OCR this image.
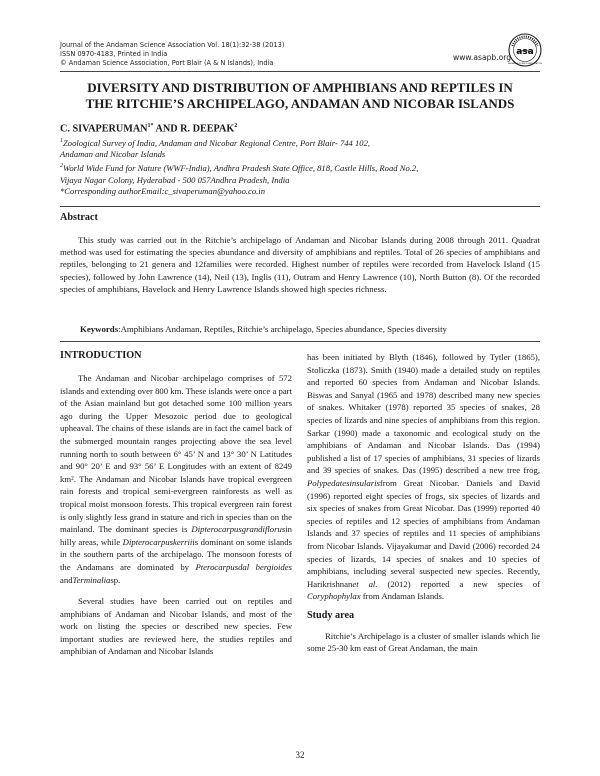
Journal of the Andaman Science Association Vol. 18(1):32-38 (2013)
ISSN 0970-4183, Printed in India
© Andaman Science Association, Port Blair (A & N Islands), India
www.asapb.org
ANDAMAN SCIENCE ASSOCIATION
asa
DIVERSITY AND DISTRIBUTION OF AMPHIBIANS AND REPTILES IN
THE RITCHIE’S ARCHIPELAGO, ANDAMAN AND NICOBAR ISLANDS
C. $SIVAPERUMAN^{1*}$ AND R. DEEPAK$^2$
$^1$Zoological Survey of India, Andaman and Nicobar Regional Centre, Port Blair- 744 102,
Andaman and Nicobar Islands
$^2$World Wide Fund for Nature (WWF-India), Andhra Pradesh State Office, 818, Castle Hills, Road No.2,
Vijaya Nagar Colony, Hyderabad - 500 057Andhra Pradesh, India
*Corresponding authorEmail:c_sivaperuman@yahoo.co.in
Abstract
This study was carried out in the Ritchie’s archipelago of Andaman and Nicobar Islands during 2008 through 2011. Quadrat method was used for estimating the species abundance and diversity of amphibians and reptiles. Total of 26 species of amphibians and reptiles, belonging to 21 genera and 12families were recorded. Highest number of reptiles were recorded from Havelock Island (15 species), followed by John Lawrence (14), Neil (13), Inglis (11), Outram and Henry Lawrence (10), North Button (8). Of the recorded species of amphibians, Havelock and Henry Lawrence Islands showed high species richness.
Keywords:Amphibians Andaman, Reptiles, Ritchie’s archipelago, Species abundance, Species diversity
INTRODUCTION

The Andaman and Nicobar archipelago comprises of 572 islands and extending over 800 km. These islands were once a part of the Asian mainland but got detached some 100 million years ago during the Upper Mesozoic period due to geological upheaval. The chains of these islands are in fact the camel back of the submerged mountain ranges projecting above the sea level running north to south between 6° 45’ N and 13° 30’ N Latitudes and 90° 20’ E and 93° 56’ E Longitudes with an extent of 8249 km². The Andaman and Nicobar Islands have tropical evergreen rain forests and tropical semi-evergreen rainforests as well as tropical moist monsoon forests. This tropical evergreen rain forest is only slightly less grand in stature and rich in species than on the mainland. The dominant species is Dipterocarpusgrandiflorusin hilly areas, while Dipterocarpuskerriiis dominant on some islands in the southern parts of the archipelago. The monsoon forests of the Andamans are dominated by Pterocarpusdal bergioides andTerminaliasp.

Several studies have been carried out on reptiles and amphibians of Andaman and Nicobar Islands, and most of the work on listing the species or described new species. Few important studies are reviewed here, the studies reptiles and amphibian of Andaman and Nicobar Islands

has been initiated by Blyth (1846), followed by Tytler (1865), Stoliczka (1873). Smith (1940) made a detailed study on reptiles and reported 60 species from Andaman and Nicobar Islands. Biswas and Sanyal (1965 and 1978) described many new species of snakes. Whitaker (1978) reported 35 species of snakes, 28 species of lizards and nine species of amphibians from this region. Sarkar (1990) made a taxonomic and ecological study on the amphibians of Andaman and Nicobar Islands. Das (1994) published a list of 17 species of amphibians, 31 species of lizards and 39 species of snakes. Das (1995) described a new tree frog, Polypedatesinsularisfrom Great Nicobar. Daniels and David (1996) reported eight species of frogs, six species of lizards and six species of snakes from Great Nicobar. Das (1999) reported 40 species of reptiles and 12 species of amphibians from Andaman Islands and 37 species of reptiles and 11 species of amphibians from Nicobar Islands. Vijayakumar and David (2006) recorded 24 species of lizards, 14 species of snakes and 10 species of amphibians, including several suspected new species. Recently, Harikrishnanet al. (2012) reported a new species of Coryphophylax from Andaman Islands.

Study area

Ritchie’s Archipelago is a cluster of smaller islands which lie some 25-30 km east of Great Andaman, the main

32
